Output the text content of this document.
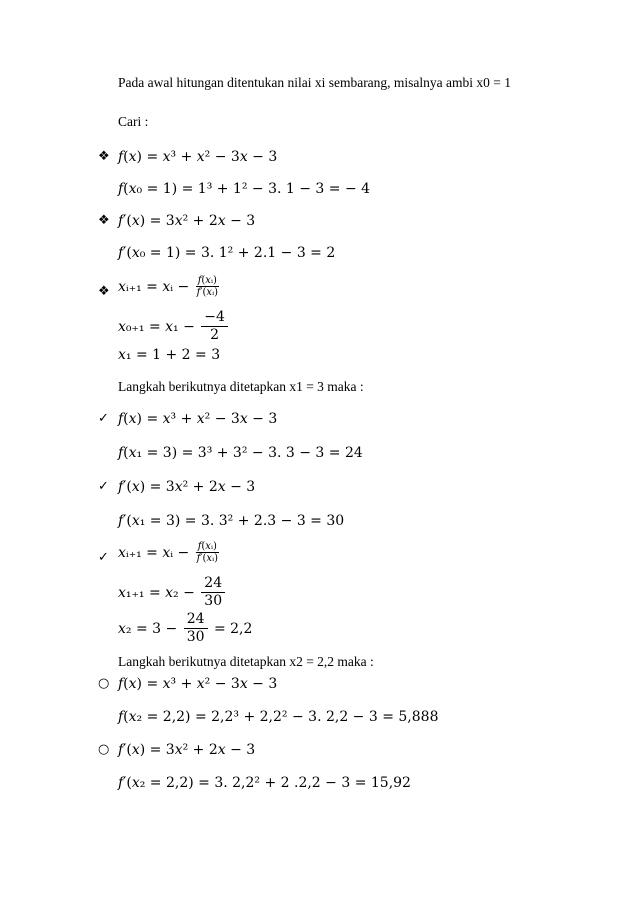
Pada awal hitungan ditentukan nilai xi sembarang, misalnya ambi x0 = 1
Cari :
❖ 𝑓(𝑥) = 𝑥³ + 𝑥² − 3𝑥 − 3
𝑓(𝑥₀ = 1) = 1³ + 1² − 3. 1 − 3 = − 4
❖ 𝑓′(𝑥) = 3𝑥² + 2𝑥 − 3
𝑓′(𝑥₀ = 1) = 3. 1² + 2.1 − 3 = 2
❖ 𝑥ᵢ₊₁ = 𝑥ᵢ − $\frac{\text{𝑓(𝑥ᵢ)}}{\text{𝑓′(𝑥ᵢ)}}$
𝑥₀₊₁ = 𝑥₁ − $\frac{-4}{2}$
𝑥₁ = 1 + 2 = 3
Langkah berikutnya ditetapkan x1 = 3 maka :
✓ 𝑓(𝑥) = 𝑥³ + 𝑥² − 3𝑥 − 3
𝑓(𝑥₁ = 3) = 3³ + 3² − 3. 3 − 3 = 24
✓ 𝑓′(𝑥) = 3𝑥² + 2𝑥 − 3
𝑓′(𝑥₁ = 3) = 3. 3² + 2.3 − 3 = 30
✓ 𝑥ᵢ₊₁ = 𝑥ᵢ − $\frac{\text{𝑓(𝑥ᵢ)}}{\text{𝑓′(𝑥ᵢ)}}$
𝑥₁₊₁ = 𝑥₂ − $\frac{24}{30}$
𝑥₂ = $3 - \frac{24}{30} = 2,2$
Langkah berikutnya ditetapkan x2 = 2,2 maka :
○ 𝑓(𝑥) = 𝑥³ + 𝑥² − 3𝑥 − 3
𝑓(𝑥₂ = 2,2) = 2,2³ + 2,2² − 3. 2,2 − 3 = 5,888
○ 𝑓′(𝑥) = 3𝑥² + 2𝑥 − 3
𝑓′(𝑥₂ = 2,2) = 3. 2,2² + 2 .2,2 − 3 = 15,92
